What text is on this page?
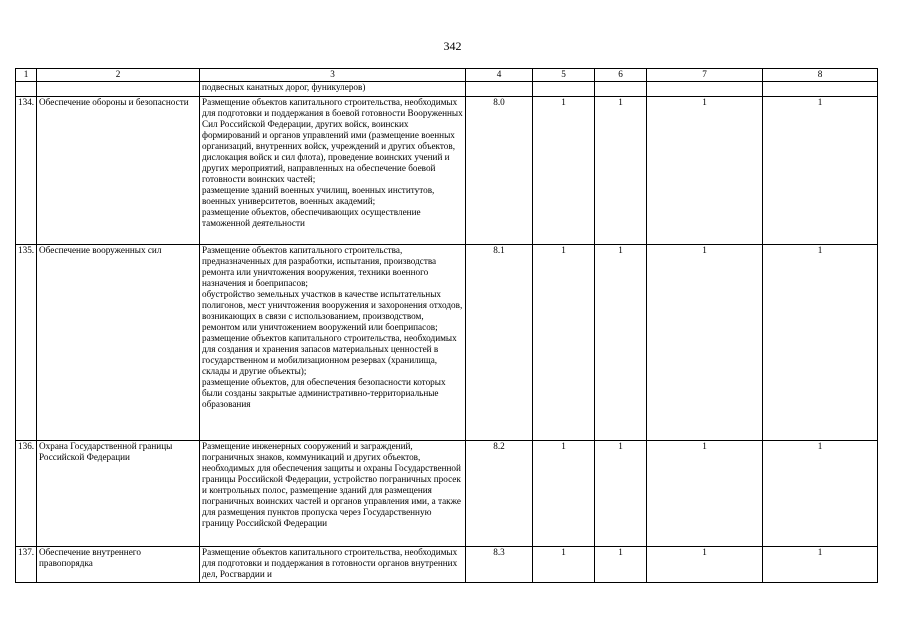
342
1	2	3	4	5	6	7	8
		подвесных канатных дорог, фуникулеров)					
134.	Обеспечение обороны и безопасности	Размещение объектов капитального строительства, необходимых для подготовки и поддержания в боевой готовности Вооруженных Сил Российской Федерации, других войск, воинских формирований и органов управлений ими (размещение военных организаций, внутренних войск, учреждений и других объектов, дислокация войск и сил флота), проведение воинских учений и других мероприятий, направленных на обеспечение боевой готовности воинских частей;
размещение зданий военных училищ, военных институтов, военных университетов, военных академий;
размещение объектов, обеспечивающих осуществление таможенной деятельности	8.0	1	1	1	1
135.	Обеспечение вооруженных сил	Размещение объектов капитального строительства, предназначенных для разработки, испытания, производства ремонта или уничтожения вооружения, техники военного назначения и боеприпасов;
обустройство земельных участков в качестве испытательных полигонов, мест уничтожения вооружения и захоронения отходов, возникающих в связи с использованием, производством, ремонтом или уничтожением вооружений или боеприпасов;
размещение объектов капитального строительства, необходимых для создания и хранения запасов материальных ценностей в государственном и мобилизационном резервах (хранилища, склады и другие объекты);
размещение объектов, для обеспечения безопасности которых были созданы закрытые административно-территориальные образования	8.1	1	1	1	1
136.	Охрана Государственной границы Российской Федерации	Размещение инженерных сооружений и заграждений, пограничных знаков, коммуникаций и других объектов, необходимых для обеспечения защиты и охраны Государственной границы Российской Федерации, устройство пограничных просек и контрольных полос, размещение зданий для размещения пограничных воинских частей и органов управления ими, а также для размещения пунктов пропуска через Государственную границу Российской Федерации	8.2	1	1	1	1
137.	Обеспечение внутреннего правопорядка	Размещение объектов капитального строительства, необходимых для подготовки и поддержания в готовности органов внутренних дел, Росгвардии и	8.3	1	1	1	1
